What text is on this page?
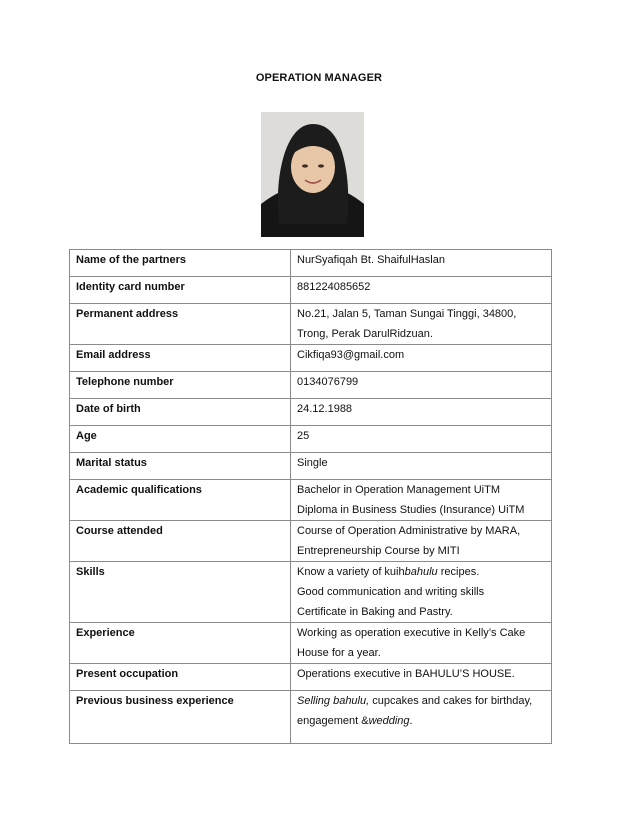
OPERATION MANAGER
Name of the partners	NurSyafiqah Bt. ShaifulHaslan

Identity card number	881224085652

Permanent address	No.21, Jalan 5, Taman Sungai Tinggi, 34800,
Trong, Perak DarulRidzuan.

Email address	Cikfiqa93@gmail.com

Telephone number	0134076799

Date of birth	24.12.1988

Age	25

Marital status	Single

Academic qualifications	Bachelor in Operation Management UiTM
Diploma in Business Studies (Insurance) UiTM

Course attended	Course of Operation Administrative by MARA,
Entrepreneurship Course by MITI

Skills	Know a variety of kuihbahulu recipes.
Good communication and writing skills
Certificate in Baking and Pastry.

Experience	Working as operation executive in Kelly’s Cake
House for a year.

Present occupation	Operations executive in BAHULU’S HOUSE.

Previous business experience	Selling bahulu, cupcakes and cakes for birthday,
engagement &wedding.
